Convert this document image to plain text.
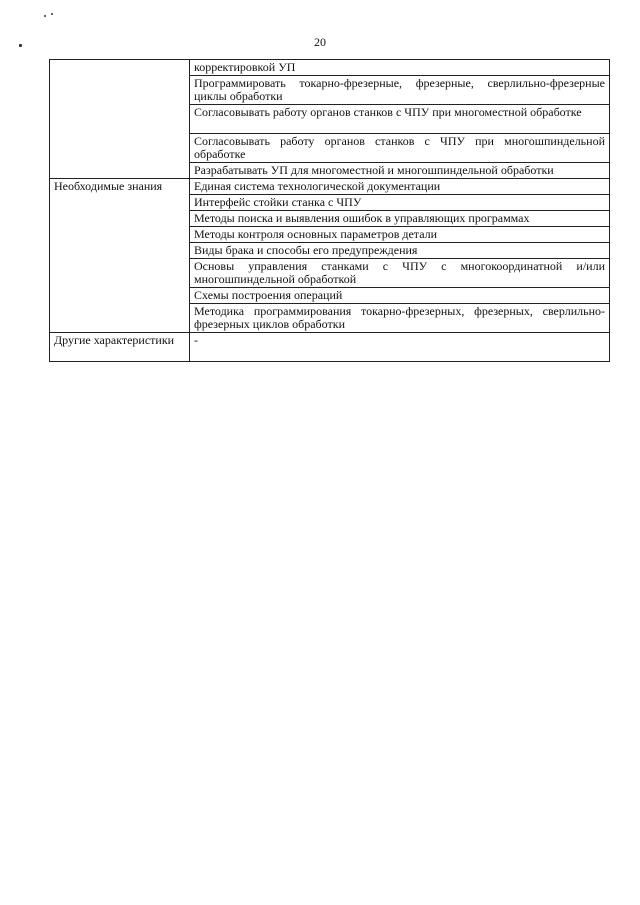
20
	корректировкой УП
	Программировать токарно-фрезерные, фрезерные, сверлильно-фрезерные циклы обработки
	Согласовывать работу органов станков с ЧПУ при многоместной обработке
	Согласовывать работу органов станков с ЧПУ при многошпиндельной обработке
	Разрабатывать УП для многоместной и многошпиндельной обработки
Необходимые знания	Единая система технологической документации
	Интерфейс стойки станка с ЧПУ
	Методы поиска и выявления ошибок в управляющих программах
	Методы контроля основных параметров детали
	Виды брака и способы его предупреждения
	Основы управления станками с ЧПУ с многокоординатной и/или многошпиндельной обработкой
	Схемы построения операций
	Методика программирования токарно-фрезерных, фрезерных, сверлильно-фрезерных циклов обработки
Другие характеристики	-
